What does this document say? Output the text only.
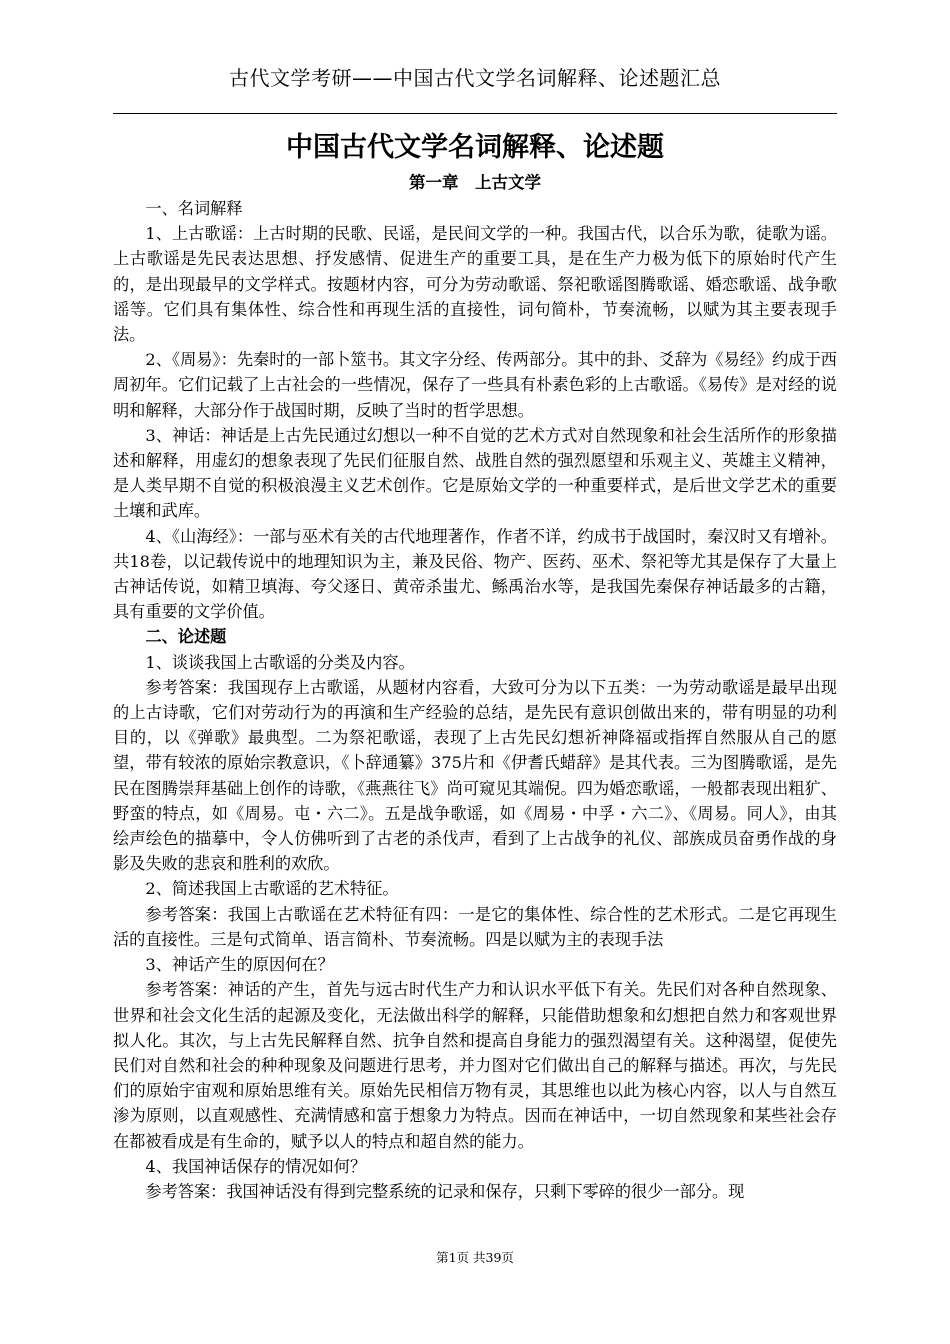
古代文学考研——中国古代文学名词解释、论述题汇总
中国古代文学名词解释、论述题
第一章　上古文学

一、名词解释

1、上古歌谣：上古时期的民歌、民谣，是民间文学的一种。我国古代，以合乐为歌，徒歌为谣。上古歌谣是先民表达思想、抒发感情、促进生产的重要工具，是在生产力极为低下的原始时代产生的，是出现最早的文学样式。按题材内容，可分为劳动歌谣、祭祀歌谣图腾歌谣、婚恋歌谣、战争歌谣等。它们具有集体性、综合性和再现生活的直接性，词句简朴，节奏流畅，以赋为其主要表现手法。

2、《周易》：先秦时的一部卜筮书。其文字分经、传两部分。其中的卦、爻辞为《易经》约成于西周初年。它们记载了上古社会的一些情况，保存了一些具有朴素色彩的上古歌谣。《易传》是对经的说明和解释，大部分作于战国时期，反映了当时的哲学思想。

3、神话：神话是上古先民通过幻想以一种不自觉的艺术方式对自然现象和社会生活所作的形象描述和解释，用虚幻的想象表现了先民们征服自然、战胜自然的强烈愿望和乐观主义、英雄主义精神，是人类早期不自觉的积极浪漫主义艺术创作。它是原始文学的一种重要样式，是后世文学艺术的重要土壤和武库。

4、《山海经》：一部与巫术有关的古代地理著作，作者不详，约成书于战国时，秦汉时又有增补。共18卷，以记载传说中的地理知识为主，兼及民俗、物产、医药、巫术、祭祀等尤其是保存了大量上古神话传说，如精卫填海、夸父逐日、黄帝杀蚩尤、鲧禹治水等，是我国先秦保存神话最多的古籍，具有重要的文学价值。

二、论述题

1、谈谈我国上古歌谣的分类及内容。

参考答案：我国现存上古歌谣，从题材内容看，大致可分为以下五类：一为劳动歌谣是最早出现的上古诗歌，它们对劳动行为的再演和生产经验的总结，是先民有意识创做出来的，带有明显的功利目的，以《弹歌》最典型。二为祭祀歌谣，表现了上古先民幻想祈神降福或指挥自然服从自己的愿望，带有较浓的原始宗教意识，《卜辞通纂》375片和《伊耆氏蜡辞》是其代表。三为图腾歌谣，是先民在图腾崇拜基础上创作的诗歌，《燕燕往飞》尚可窥见其端倪。四为婚恋歌谣，一般都表现出粗犷、野蛮的特点，如《周易。屯・六二》。五是战争歌谣，如《周易・中孚・六二》、《周易。同人》，由其绘声绘色的描摹中，令人仿佛听到了古老的杀伐声，看到了上古战争的礼仪、部族成员奋勇作战的身影及失败的悲哀和胜利的欢欣。

2、简述我国上古歌谣的艺术特征。

参考答案：我国上古歌谣在艺术特征有四：一是它的集体性、综合性的艺术形式。二是它再现生活的直接性。三是句式简单、语言简朴、节奏流畅。四是以赋为主的表现手法

3、神话产生的原因何在？

参考答案：神话的产生，首先与远古时代生产力和认识水平低下有关。先民们对各种自然现象、世界和社会文化生活的起源及变化，无法做出科学的解释，只能借助想象和幻想把自然力和客观世界拟人化。其次，与上古先民解释自然、抗争自然和提高自身能力的强烈渴望有关。这种渴望，促使先民们对自然和社会的种种现象及问题进行思考，并力图对它们做出自己的解释与描述。再次，与先民们的原始宇宙观和原始思维有关。原始先民相信万物有灵，其思维也以此为核心内容，以人与自然互渗为原则，以直观感性、充满情感和富于想象力为特点。因而在神话中，一切自然现象和某些社会存在都被看成是有生命的，赋予以人的特点和超自然的能力。

4、我国神话保存的情况如何？

参考答案：我国神话没有得到完整系统的记录和保存，只剩下零碎的很少一部分。现

第1页 共39页
